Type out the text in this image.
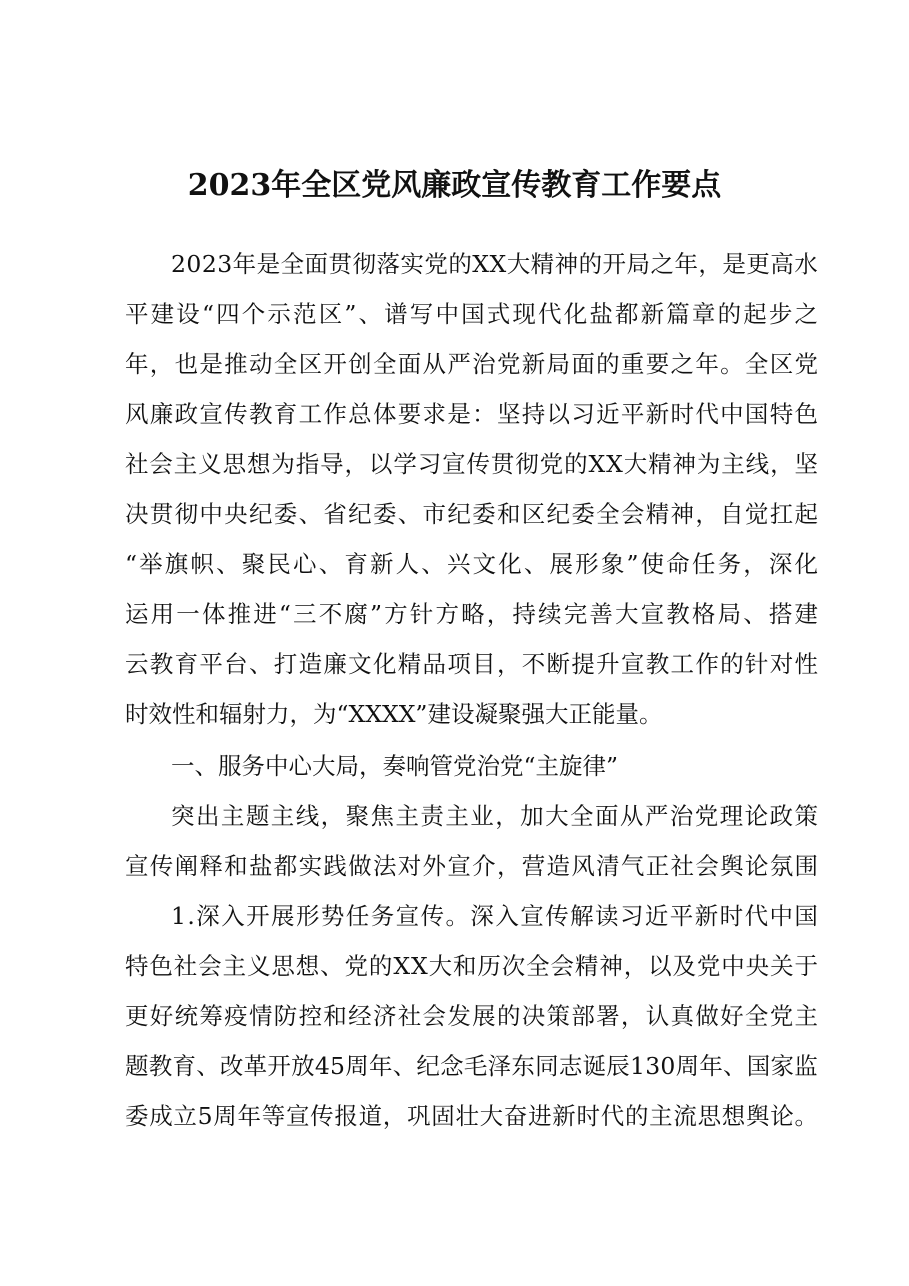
2023年全区党风廉政宣传教育工作要点
2023年是全面贯彻落实党的XX大精神的开局之年，是更高水
平建设“四个示范区”、谱写中国式现代化盐都新篇章的起步之
年，也是推动全区开创全面从严治党新局面的重要之年。全区党
风廉政宣传教育工作总体要求是：坚持以习近平新时代中国特色
社会主义思想为指导，以学习宣传贯彻党的XX大精神为主线，坚
决贯彻中央纪委、省纪委、市纪委和区纪委全会精神，自觉扛起
“举旗帜、聚民心、育新人、兴文化、展形象”使命任务，深化
运用一体推进“三不腐”方针方略，持续完善大宣教格局、搭建
云教育平台、打造廉文化精品项目，不断提升宣教工作的针对性
时效性和辐射力，为“XXXX”建设凝聚强大正能量。
一、服务中心大局，奏响管党治党“主旋律”
突出主题主线，聚焦主责主业，加大全面从严治党理论政策
宣传阐释和盐都实践做法对外宣介，营造风清气正社会舆论氛围
1.深入开展形势任务宣传。深入宣传解读习近平新时代中国
特色社会主义思想、党的XX大和历次全会精神，以及党中央关于
更好统筹疫情防控和经济社会发展的决策部署，认真做好全党主
题教育、改革开放45周年、纪念毛泽东同志诞辰130周年、国家监
委成立5周年等宣传报道，巩固壮大奋进新时代的主流思想舆论。
